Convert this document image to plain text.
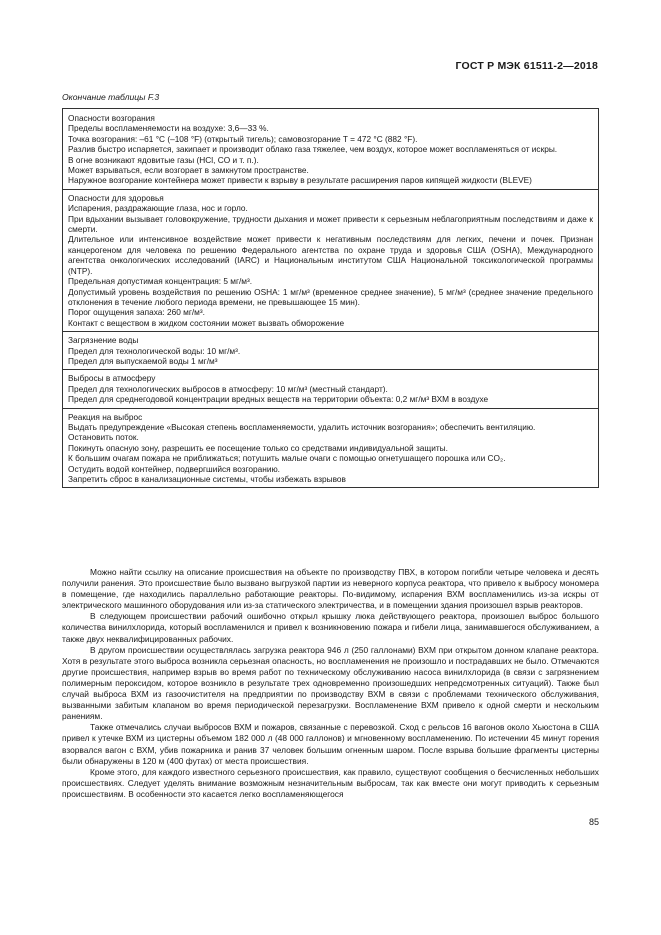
ГОСТ Р МЭК 61511-2—2018
Окончание таблицы F.3

Опасности возгорания

Пределы воспламеняемости на воздухе: 3,6—33 %.

Точка возгорания: –61 °C (–108 °F) (открытый тигель); самовозгорание T = 472 °C (882 °F).

Разлив быстро испаряется, закипает и производит облако газа тяжелее, чем воздух, которое может воспламеняться от искры.

В огне возникают ядовитые газы (HCl, CO и т. п.).

Может взрываться, если возгорает в замкнутом пространстве.

Наружное возгорание контейнера может привести к взрыву в результате расширения паров кипящей жидкости (BLEVE)

Опасности для здоровья

Испарения, раздражающие глаза, нос и горло.

При вдыхании вызывает головокружение, трудности дыхания и может привести к серьезным неблагоприятным последствиям и даже к смерти.

Длительное или интенсивное воздействие может привести к негативным последствиям для легких, печени и почек. Признан канцерогеном для человека по решению Федерального агентства по охране труда и здоровья США (OSHA), Международного агентства онкологических исследований (IARC) и Национальным институтом США Национальной токсикологической программы (NTP).

Предельная допустимая концентрация: 5 мг/м³.

Допустимый уровень воздействия по решению OSHA: 1 мг/м³ (временное среднее значение), 5 мг/м³ (среднее значение предельного отклонения в течение любого периода времени, не превышающее 15 мин).

Порог ощущения запаха: 260 мг/м³.

Контакт с веществом в жидком состоянии может вызвать обморожение

Загрязнение воды

Предел для технологической воды: 10 мг/м³.

Предел для выпускаемой воды 1 мг/м³

Выбросы в атмосферу

Предел для технологических выбросов в атмосферу: 10 мг/м³ (местный стандарт).

Предел для среднегодовой концентрации вредных веществ на территории объекта: 0,2 мг/м³ ВХМ в воздухе

Реакция на выброс

Выдать предупреждение «Высокая степень воспламеняемости, удалить источник возгорания»; обеспечить вентиляцию.

Остановить поток.

Покинуть опасную зону, разрешить ее посещение только со средствами индивидуальной защиты.

К большим очагам пожара не приближаться; потушить малые очаги с помощью огнетушащего порошка или CO₂.

Остудить водой контейнер, подвергшийся возгоранию.

Запретить сброс в канализационные системы, чтобы избежать взрывов

Можно найти ссылку на описание происшествия на объекте по производству ПВХ, в котором погибли четыре человека и десять получили ранения. Это происшествие было вызвано выгрузкой партии из неверного корпуса реактора, что привело к выбросу мономера в помещение, где находились параллельно работающие реакторы. По-видимому, испарения ВХМ воспламенились из-за искры от электрического машинного оборудования или из-за статического электричества, и в помещении здания произошел взрыв реакторов.

В следующем происшествии рабочий ошибочно открыл крышку люка действующего реактора, произошел выброс большого количества винилхлорида, который воспламенился и привел к возникновению пожара и гибели лица, занимавшегося обслуживанием, а также двух неквалифицированных рабочих.

В другом происшествии осуществлялась загрузка реактора 946 л (250 галлонами) ВХМ при открытом донном клапане реактора. Хотя в результате этого выброса возникла серьезная опасность, но воспламенения не произошло и пострадавших не было. Отмечаются другие происшествия, например взрыв во время работ по техническому обслуживанию насоса винилхлорида (в связи с загрязнением полимерным пероксидом, которое возникло в результате трех одновременно произошедших непредсмотренных ситуаций). Также был случай выброса ВХМ из газоочистителя на предприятии по производству ВХМ в связи с проблемами технического обслуживания, вызванными забитым клапаном во время периодической перезагрузки. Воспламенение ВХМ привело к одной смерти и нескольким ранениям.

Также отмечались случаи выбросов ВХМ и пожаров, связанные с перевозкой. Сход с рельсов 16 вагонов около Хьюстона в США привел к утечке ВХМ из цистерны объемом 182 000 л (48 000 галлонов) и мгновенному воспламенению. По истечении 45 минут горения взорвался вагон с ВХМ, убив пожарника и ранив 37 человек большим огненным шаром. После взрыва большие фрагменты цистерны были обнаружены в 120 м (400 футах) от места происшествия.

Кроме этого, для каждого известного серьезного происшествия, как правило, существуют сообщения о бесчисленных небольших происшествиях. Следует уделять внимание возможным незначительным выбросам, так как вместе они могут приводить к серьезным происшествиям. В особенности это касается легко воспламеняющегося

85
